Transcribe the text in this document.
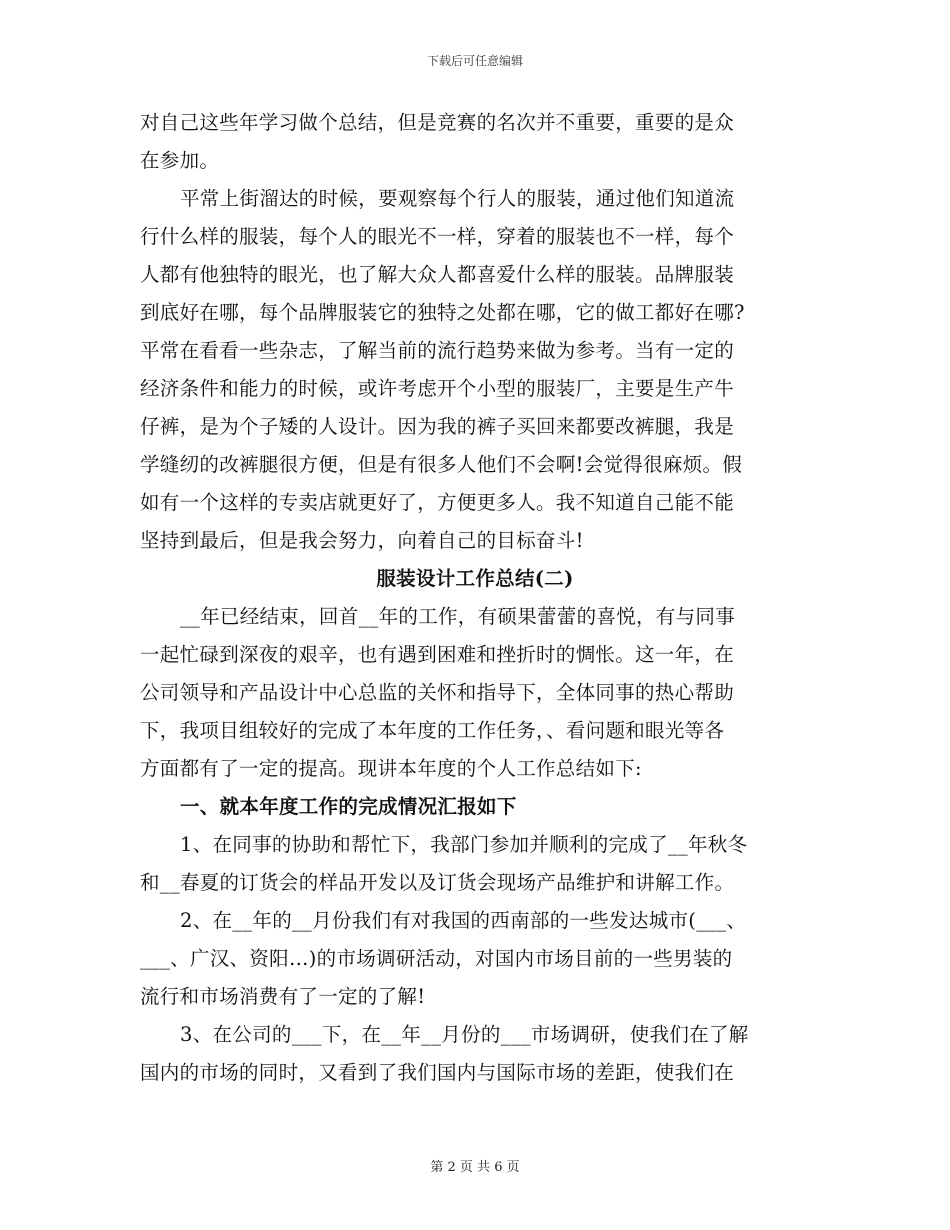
下载后可任意编辑
对自己这些年学习做个总结，但是竞赛的名次并不重要，重要的是众
在参加。
平常上街溜达的时候，要观察每个行人的服装，通过他们知道流
行什么样的服装，每个人的眼光不一样，穿着的服装也不一样，每个
人都有他独特的眼光，也了解大众人都喜爱什么样的服装。品牌服装
到底好在哪，每个品牌服装它的独特之处都在哪，它的做工都好在哪?
平常在看看一些杂志，了解当前的流行趋势来做为参考。当有一定的
经济条件和能力的时候，或许考虑开个小型的服装厂，主要是生产牛
仔裤，是为个子矮的人设计。因为我的裤子买回来都要改裤腿，我是
学缝纫的改裤腿很方便，但是有很多人他们不会啊!会觉得很麻烦。假
如有一个这样的专卖店就更好了，方便更多人。我不知道自己能不能
坚持到最后，但是我会努力，向着自己的目标奋斗!
服装设计工作总结(二)
__年已经结束，回首__年的工作，有硕果蕾蕾的喜悦，有与同事
一起忙碌到深夜的艰辛，也有遇到困难和挫折时的惆怅。这一年，在
公司领导和产品设计中心总监的关怀和指导下，全体同事的热心帮助
下，我项目组较好的完成了本年度的工作任务，、看问题和眼光等各
方面都有了一定的提高。现讲本年度的个人工作总结如下:
一、就本年度工作的完成情况汇报如下
1、在同事的协助和帮忙下，我部门参加并顺利的完成了__年秋冬
和__春夏的订货会的样品开发以及订货会现场产品维护和讲解工作。
2、在__年的__月份我们有对我国的西南部的一些发达城市(___、
___、广汉、资阳…)的市场调研活动，对国内市场目前的一些男装的
流行和市场消费有了一定的了解!
3、在公司的___下，在__年__月份的___市场调研，使我们在了解
国内的市场的同时，又看到了我们国内与国际市场的差距，使我们在
第 2 页 共 6 页
